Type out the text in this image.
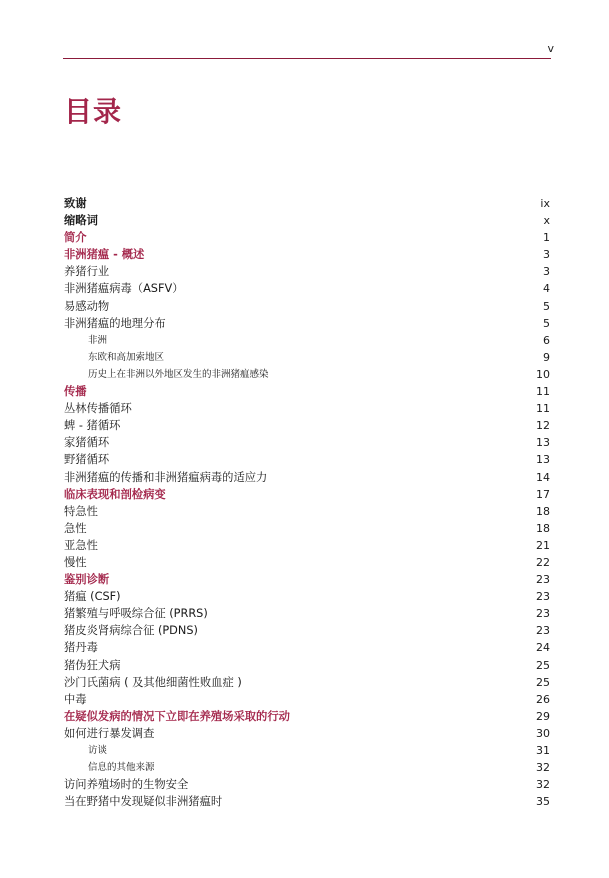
v
目录
致谢	ix
缩略词	x
简介	1
非洲猪瘟 - 概述	3
养猪行业	3
非洲猪瘟病毒（ASFV）	4
易感动物	5
非洲猪瘟的地理分布	5
非洲	6
东欧和高加索地区	9
历史上在非洲以外地区发生的非洲猪瘟感染	10
传播	11
丛林传播循环	11
蜱 - 猪循环	12
家猪循环	13
野猪循环	13
非洲猪瘟的传播和非洲猪瘟病毒的适应力	14
临床表现和剖检病变	17
特急性	18
急性	18
亚急性	21
慢性	22
鉴别诊断	23
猪瘟 (CSF)	23
猪繁殖与呼吸综合征 (PRRS)	23
猪皮炎肾病综合征 (PDNS)	23
猪丹毒	24
猪伪狂犬病	25
沙门氏菌病 ( 及其他细菌性败血症 )	25
中毒	26
在疑似发病的情况下立即在养殖场采取的行动	29
如何进行暴发调查	30
访谈	31
信息的其他来源	32
访问养殖场时的生物安全	32
当在野猪中发现疑似非洲猪瘟时	35
